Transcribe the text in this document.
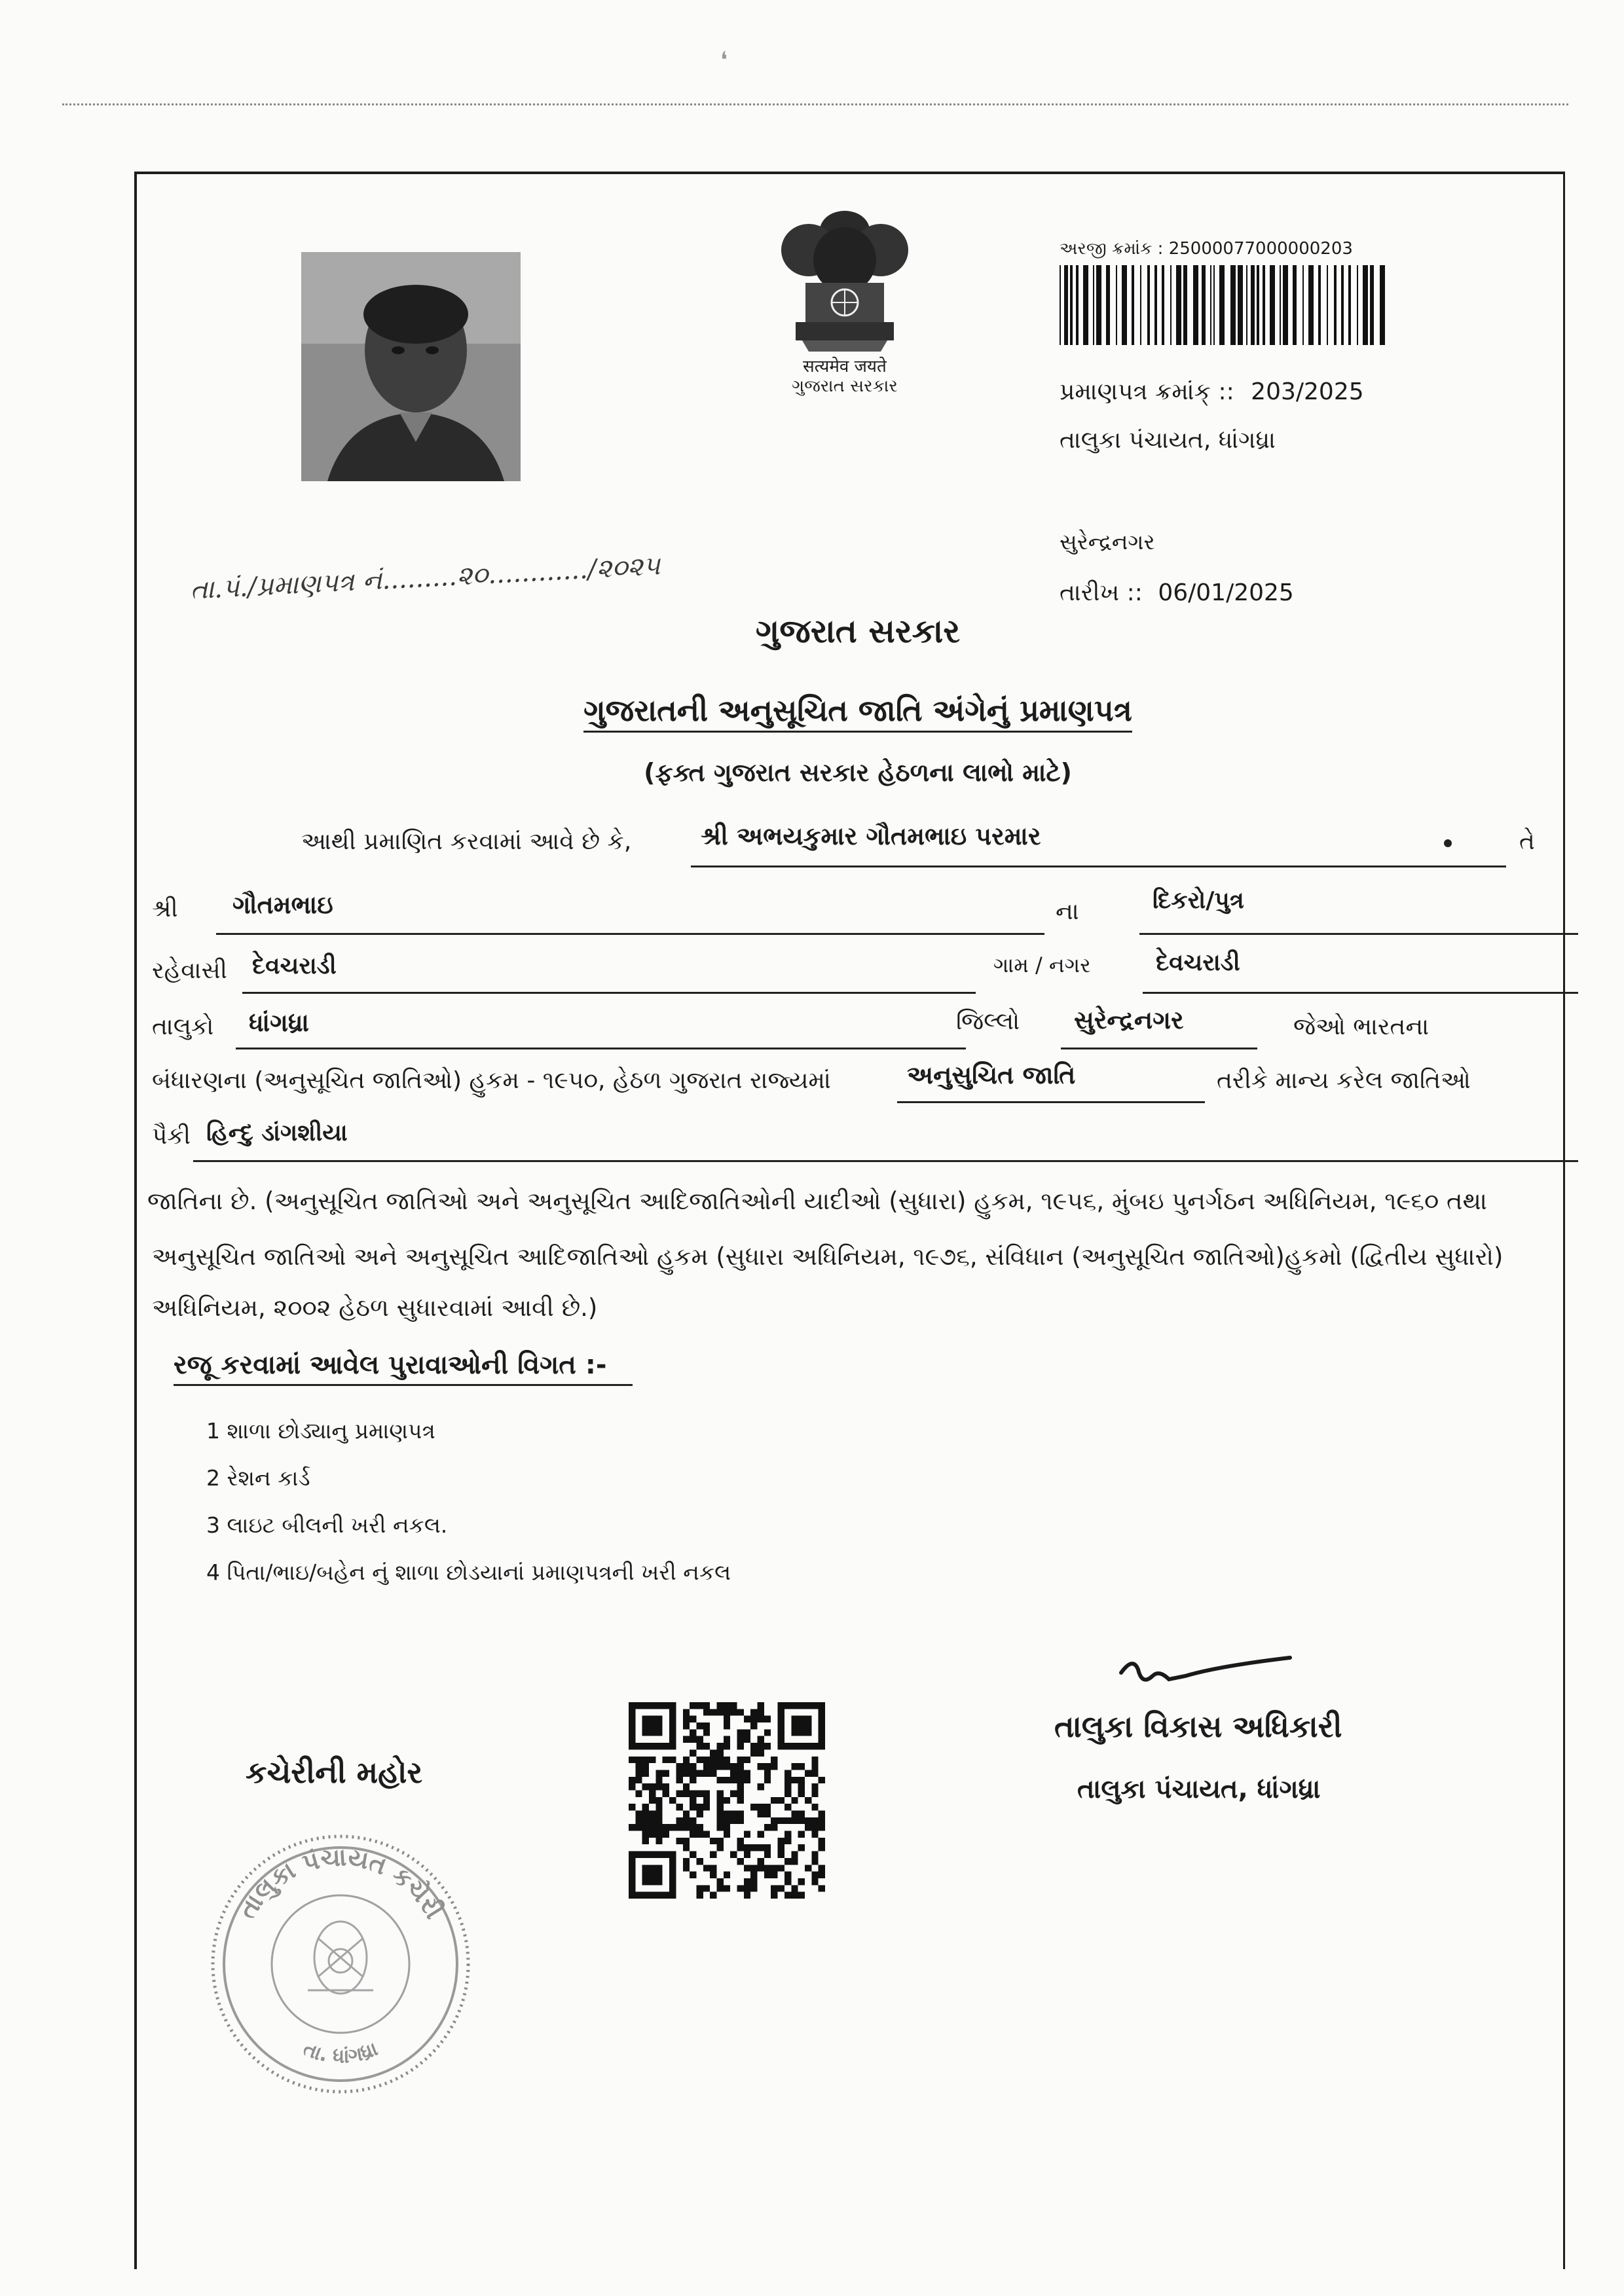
❛
सत्यमेव जयते
ગુજરાત સરકાર
અરજી ક્રમાંક : 25000077000000203
પ્રમાણપત્ર ક્રમાંક્ :: 203/2025
તાલુકા પંચાયત, ધાંગધ્રા
સુરેન્દ્રનગર
તારીખ :: 06/01/2025
તા.પં./પ્રમાણપત્ર નં.........૨૦............/૨૦૨૫
ગુજરાત સરકાર
ગુજરાતની અનુસૂચિત જાતિ અંગેનું પ્રમાણપત્ર
(ફક્ત ગુજરાત સરકાર હેઠળના લાભો માટે)
આથી પ્રમાણિત કરવામાં આવે છે કે,	શ્રી અભયકુમાર ગૌતમભાઇ પરમાર	તે
શ્રી ગૌતમભાઇ	ના	દિકરો/પુત્ર
રહેવાસી દેવચરાડી	ગામ / નગર	દેવચરાડી
તાલુકો ધાંગધ્રા	જિલ્લો સુરેન્દ્રનગર	જેઓ ભારતના
બંધારણના (અનુસૂચિત જાતિઓ) હુકમ - ૧૯૫૦, હેઠળ ગુજરાત રાજ્યમાં	અનુસુચિત જાતિ	તરીકે માન્ય કરેલ જાતિઓ
પૈકી હિન્દુ ડાંગશીયા
જાતિના છે. (અનુસૂચિત જાતિઓ અને અનુસૂચિત આદિજાતિઓની યાદીઓ (સુધારા) હુકમ, ૧૯૫૬, મુંબઇ પુનર્ગઠન અધિનિયમ, ૧૯૬૦ તથા
અનુસૂચિત જાતિઓ અને અનુસૂચિત આદિજાતિઓ હુકમ (સુધારા અધિનિયમ, ૧૯૭૬, સંવિધાન (અનુસૂચિત જાતિઓ)હુકમો (દ્વિતીય સુધારો)
અધિનિયમ, ૨૦૦૨ હેઠળ સુધારવામાં આવી છે.)
રજૂ કરવામાં આવેલ પુરાવાઓની વિગત :-
1 શાળા છોડ્યાનુ પ્રમાણપત્ર
2 રેશન કાર્ડ
3 લાઇટ બીલની ખરી નકલ.
4 પિતા/ભાઇ/બહેન નું શાળા છોડયાનાં પ્રમાણપત્રની ખરી નકલ
કચેરીની મહોર
તાલુકા વિકાસ અધિકારી
તાલુકા પંચાયત, ધાંગધ્રા
તાલુકા પંચાયત કચેરી
તા. ધાંગધ્રા
